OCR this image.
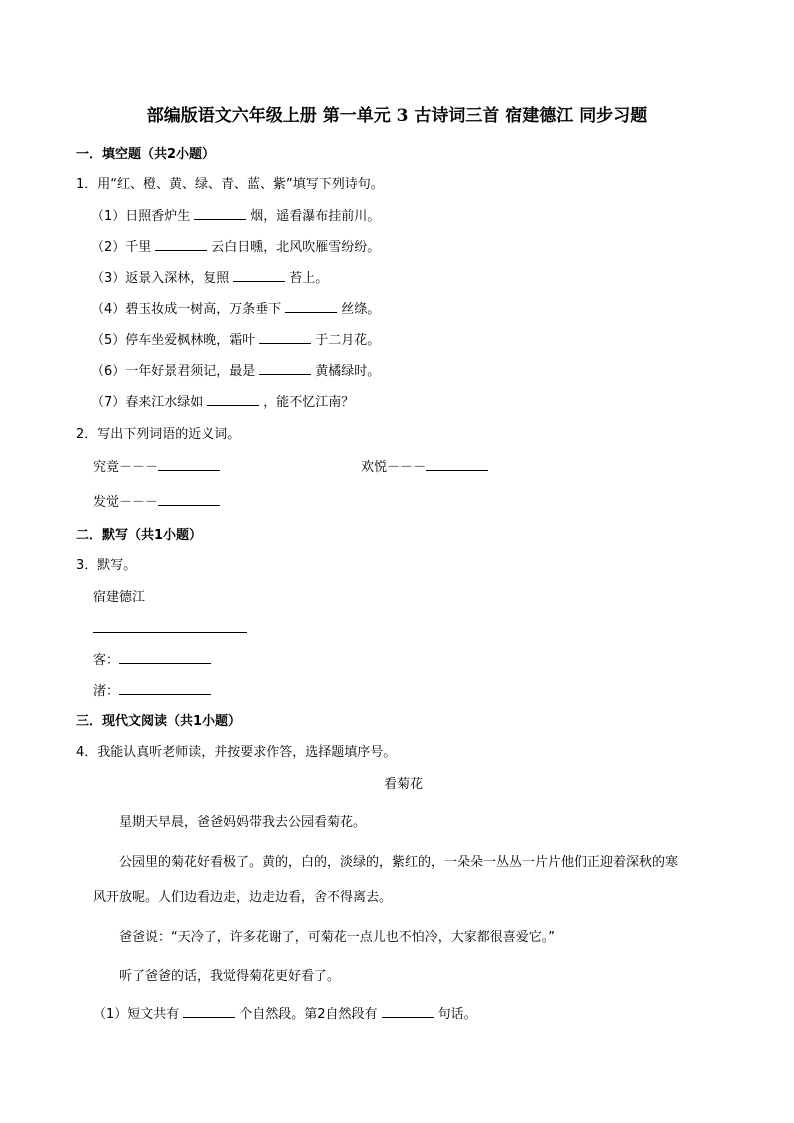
部编版语文六年级上册 第一单元 3 古诗词三首 宿建德江 同步习题
一．填空题（共2小题）
1．用“红、橙、黄、绿、青、蓝、紫”填写下列诗句。
（1）日照香炉生	烟，遥看瀑布挂前川。
（2）千里	云白日曛，北风吹雁雪纷纷。
（3）返景入深林，复照	苔上。
（4）碧玉妆成一树高，万条垂下	丝绦。
（5）停车坐爱枫林晚，霜叶	于二月花。
（6）一年好景君须记，最是	黄橘绿时。
（7）春来江水绿如	，能不忆江南？
2．写出下列词语的近义词。
究竟－－－	欢悦－－－
发觉－－－
二．默写（共1小题）
3．默写。
宿建德江
客：
渚：
三．现代文阅读（共1小题）
4．我能认真听老师读，并按要求作答，选择题填序号。
看菊花
星期天早晨，爸爸妈妈带我去公园看菊花。
公园里的菊花好看极了。黄的，白的，淡绿的，紫红的，一朵朵一丛丛一片片他们正迎着深秋的寒
风开放呢。人们边看边走，边走边看，舍不得离去。
爸爸说：“天冷了，许多花谢了，可菊花一点儿也不怕冷，大家都很喜爱它。”
听了爸爸的话，我觉得菊花更好看了。
（1）短文共有	个自然段。第2自然段有	句话。
